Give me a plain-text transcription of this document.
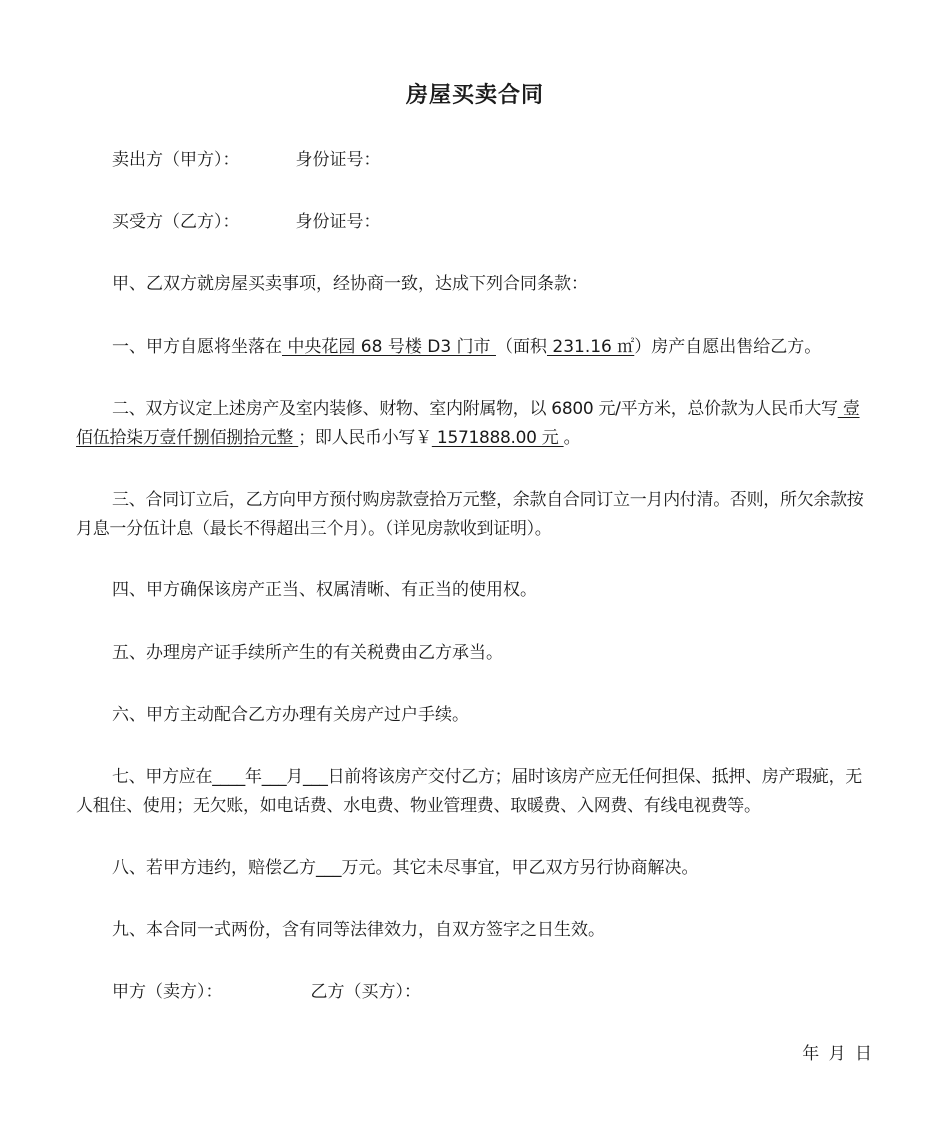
房屋买卖合同
卖出方（甲方）：	身份证号：
买受方（乙方）：	身份证号：
甲、乙双方就房屋买卖事项，经协商一致，达成下列合同条款：
一、甲方自愿将坐落在 中央花园 68 号楼 D3 门市 （面积 231.16 ㎡）房产自愿出售给乙方。
二、双方议定上述房产及室内装修、财物、室内附属物，以 6800 元/平方米，总价款为人民币大写 壹佰伍拾柒万壹仟捌佰捌拾元整 ；即人民币小写￥ 1571888.00 元 。
三、合同订立后，乙方向甲方预付购房款壹拾万元整，余款自合同订立一月内付清。否则，所欠余款按月息一分伍计息（最长不得超出三个月）。（详见房款收到证明）。
四、甲方确保该房产正当、权属清晰、有正当的使用权。
五、办理房产证手续所产生的有关税费由乙方承当。
六、甲方主动配合乙方办理有关房产过户手续。
七、甲方应在____年___月___日前将该房产交付乙方；届时该房产应无任何担保、抵押、房产瑕疵，无人租住、使用；无欠账，如电话费、水电费、物业管理费、取暖费、入网费、有线电视费等。
八、若甲方违约，赔偿乙方___万元。其它未尽事宜，甲乙双方另行协商解决。
九、本合同一式两份，含有同等法律效力，自双方签字之日生效。
甲方（卖方）：	乙方（买方）：
年 月 日
